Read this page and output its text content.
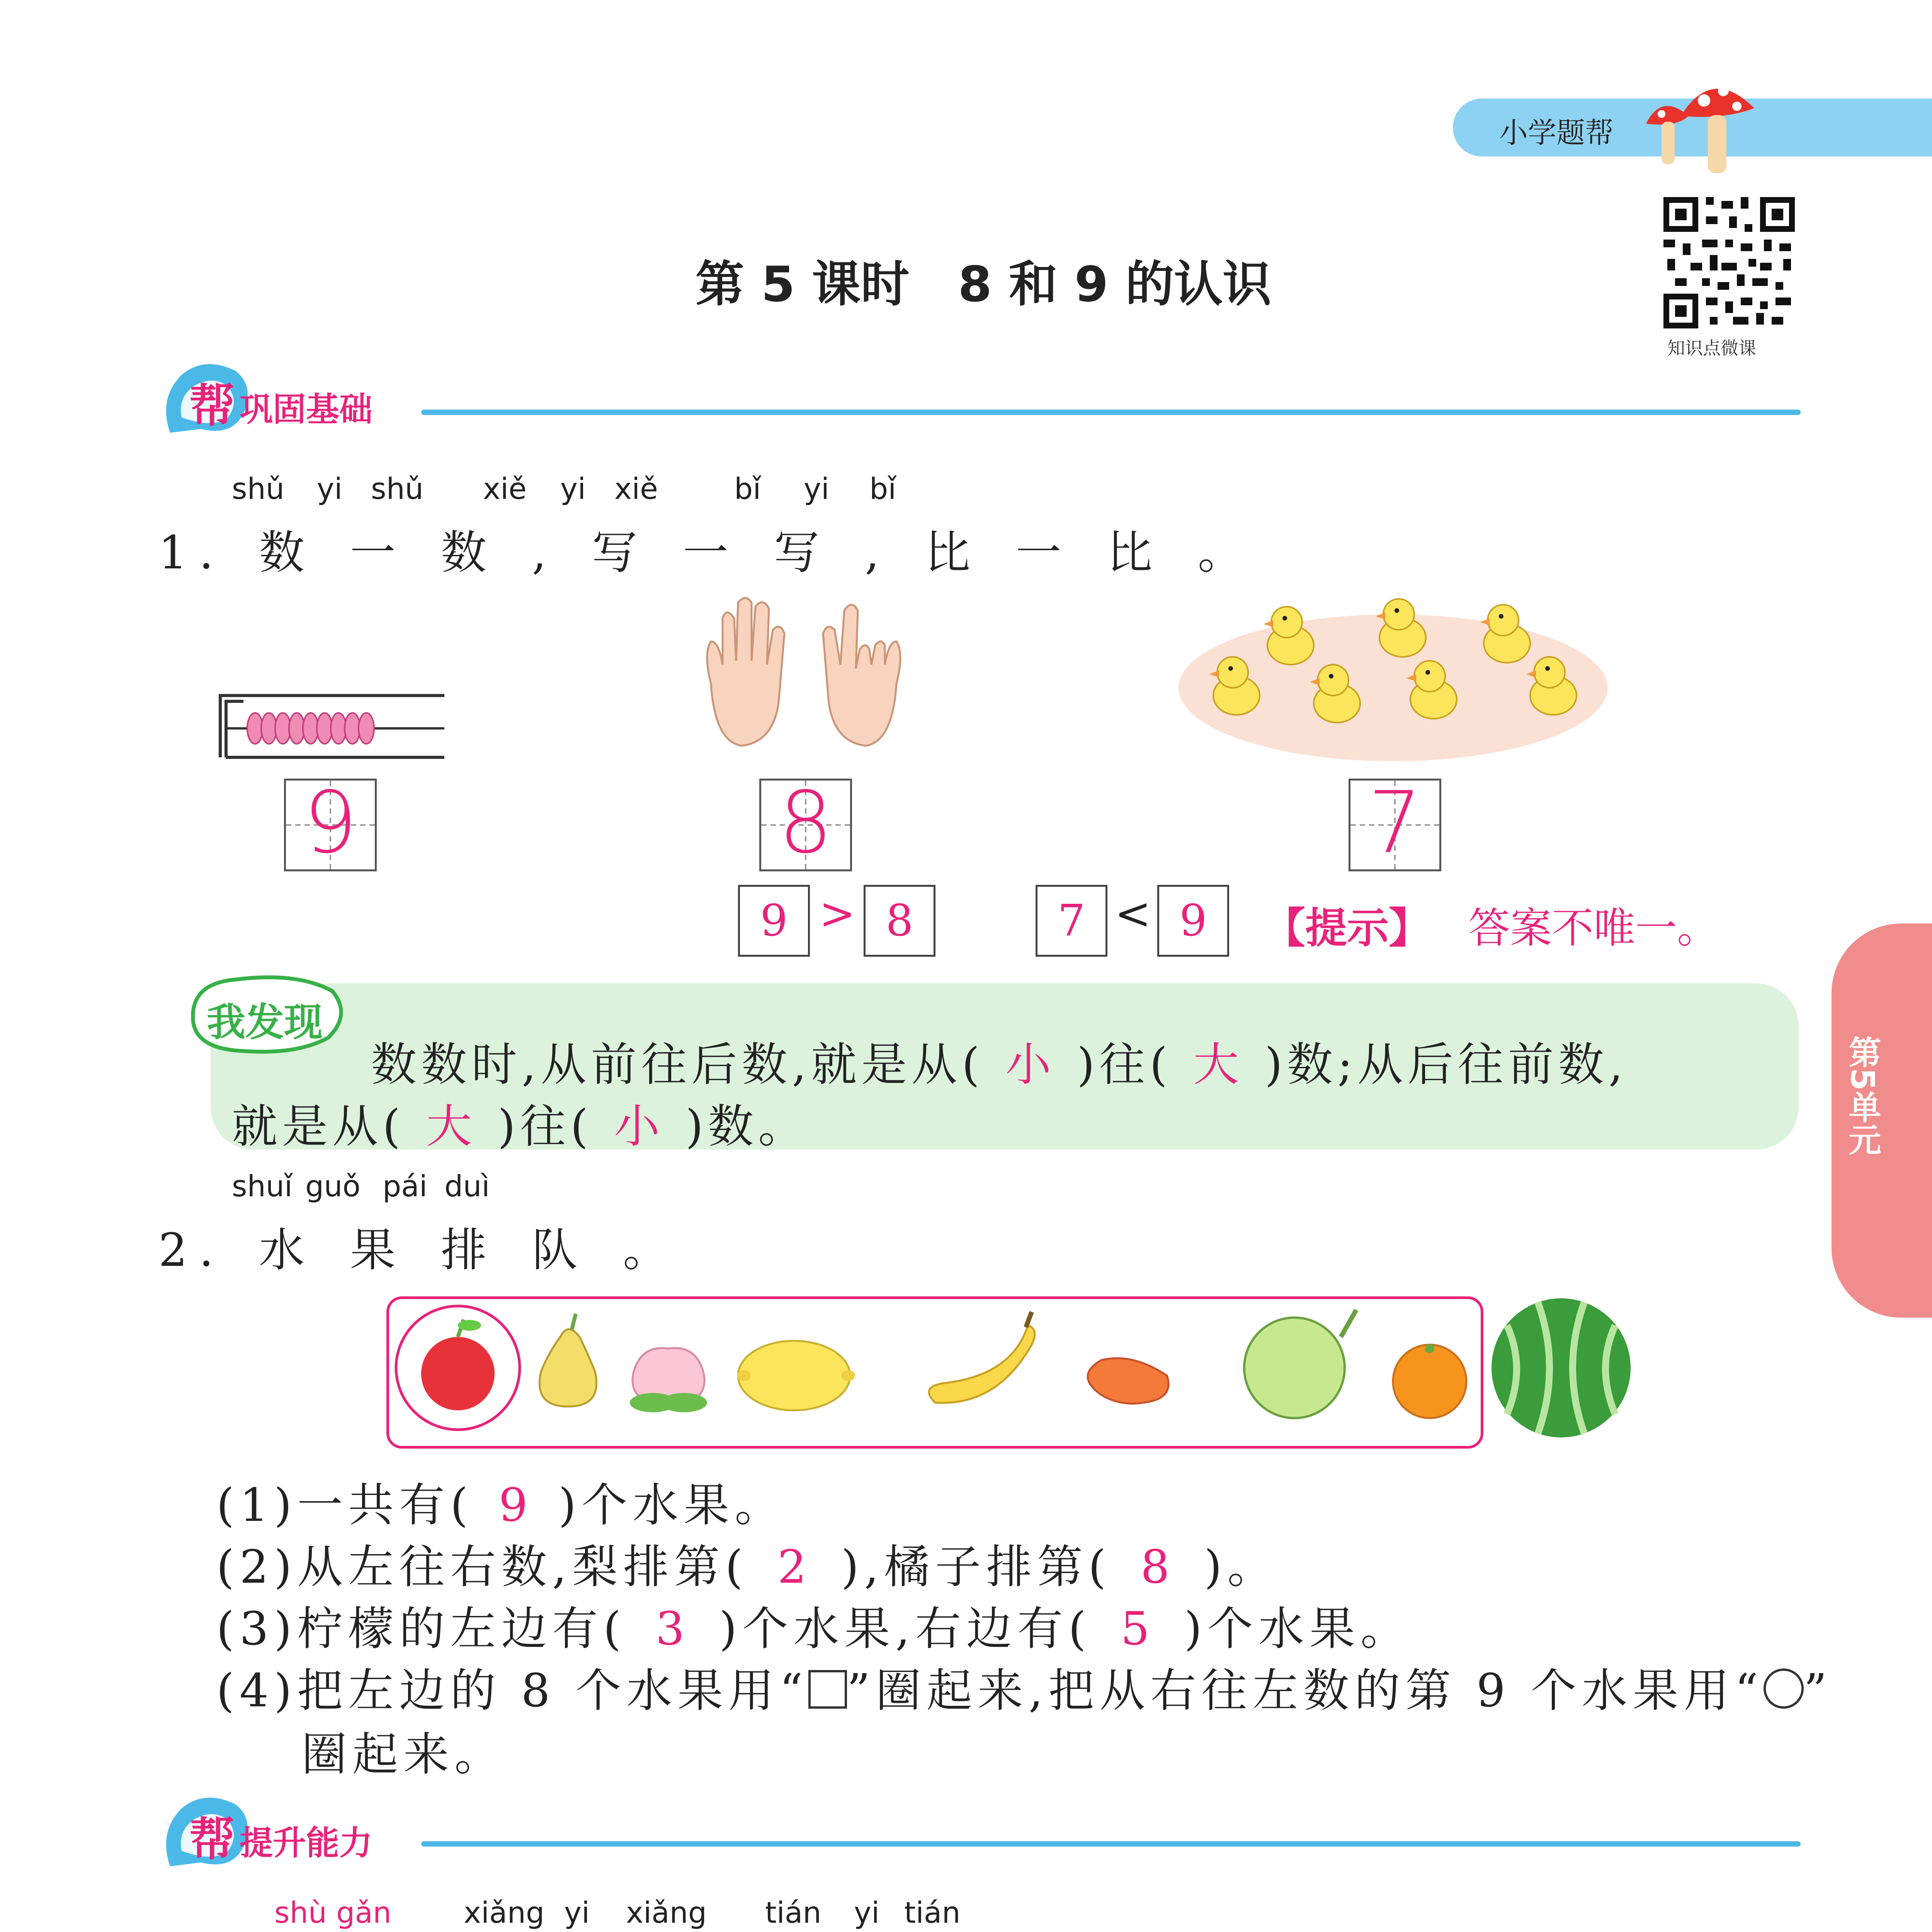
小学题帮
知识点微课
第 5 课时　8 和 9 的认识
第5单元
帮 巩固基础
shǔ yi shǔ xiě yi xiě	bǐ yi bǐ
1. 数 一 数 , 写 一 写 , 比 一 比 。
9	8	7
9 > 8	7 < 9	【提示】 答案不唯一。
我发现
数数时,从前往后数,就是从( 小 )往( 大 )数;从后往前数,
就是从( 大 )往( 小 )数。
shuǐ guǒ pái duì
2. 水 果 排 队 。
(1)一共有( 9 )个水果。
(2)从左往右数,梨排第( 2 ),橘子排第( 8 )。
(3)柠檬的左边有( 3 )个水果,右边有( 5 )个水果。
(4)把左边的 8 个水果用“ ”圈起来,把从右往左数的第 9 个水果用“ ”
圈起来。
帮 提升能力
shù gǎn xiǎng yi xiǎng tián yi tián
